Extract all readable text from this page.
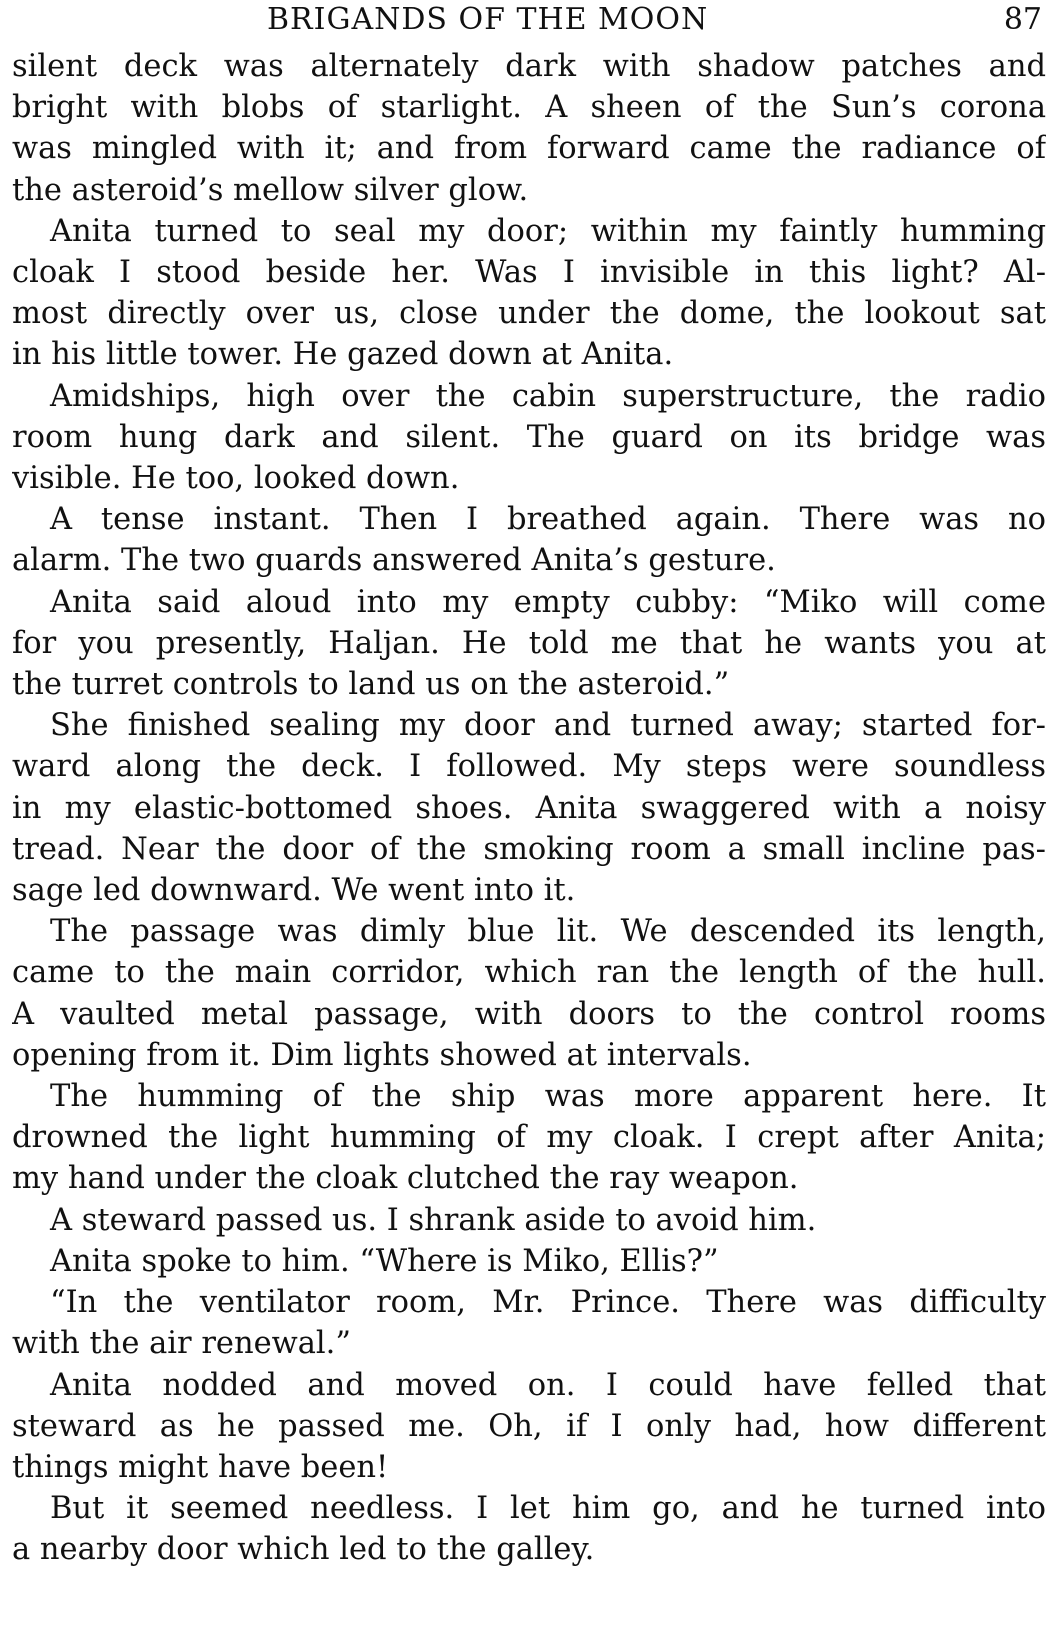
BRIGANDS OF THE MOON	87
silent deck was alternately dark with shadow patches and
bright with blobs of starlight. A sheen of the Sun’s corona
was mingled with it; and from forward came the radiance of
the asteroid’s mellow silver glow.
Anita turned to seal my door; within my faintly humming
cloak I stood beside her. Was I invisible in this light? Al-
most directly over us, close under the dome, the lookout sat
in his little tower. He gazed down at Anita.
Amidships, high over the cabin superstructure, the radio
room hung dark and silent. The guard on its bridge was
visible. He too, looked down.
A tense instant. Then I breathed again. There was no
alarm. The two guards answered Anita’s gesture.
Anita said aloud into my empty cubby: “Miko will come
for you presently, Haljan. He told me that he wants you at
the turret controls to land us on the asteroid.”
She finished sealing my door and turned away; started for-
ward along the deck. I followed. My steps were soundless
in my elastic-bottomed shoes. Anita swaggered with a noisy
tread. Near the door of the smoking room a small incline pas-
sage led downward. We went into it.
The passage was dimly blue lit. We descended its length,
came to the main corridor, which ran the length of the hull.
A vaulted metal passage, with doors to the control rooms
opening from it. Dim lights showed at intervals.
The humming of the ship was more apparent here. It
drowned the light humming of my cloak. I crept after Anita;
my hand under the cloak clutched the ray weapon.
A steward passed us. I shrank aside to avoid him.
Anita spoke to him. “Where is Miko, Ellis?”
“In the ventilator room, Mr. Prince. There was difficulty
with the air renewal.”
Anita nodded and moved on. I could have felled that
steward as he passed me. Oh, if I only had, how different
things might have been!
But it seemed needless. I let him go, and he turned into
a nearby door which led to the galley.
